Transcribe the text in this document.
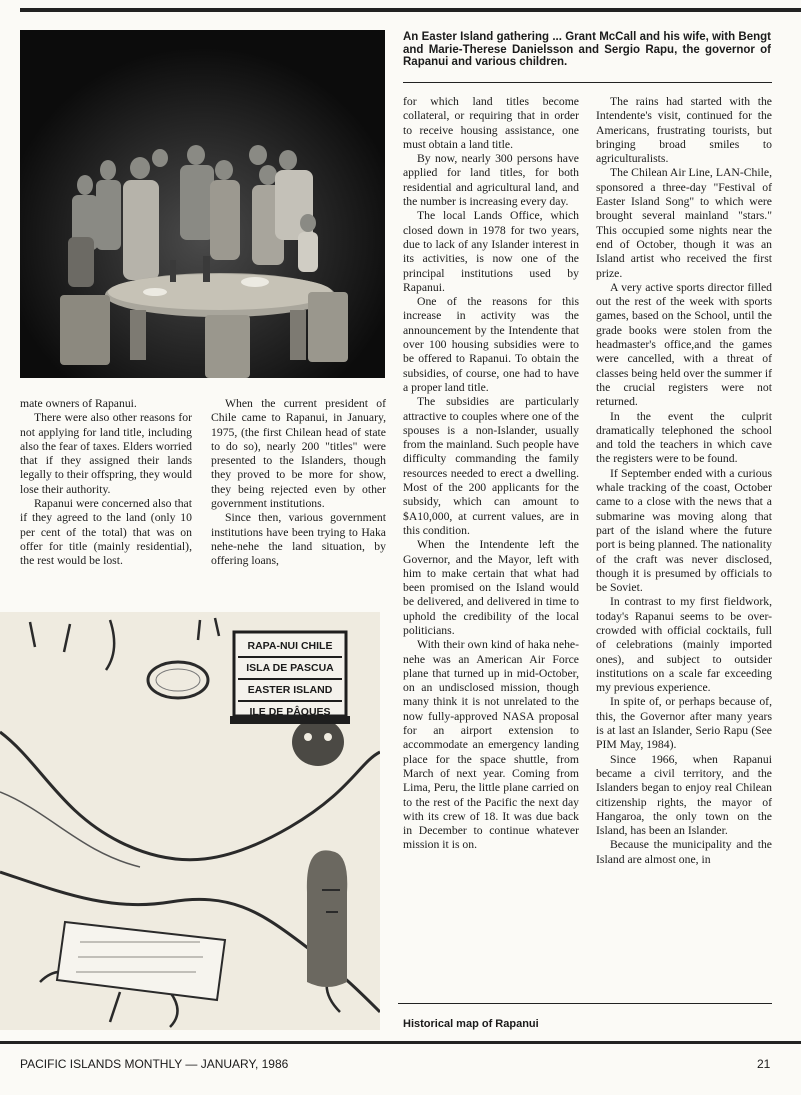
RAPA-NUI CHILE
ISLA DE PASCUA
EASTER ISLAND
ILE DE PÂQUES
An Easter Island gathering ... Grant McCall and his wife, with Bengt and Marie-Therese Danielsson and Sergio Rapu, the governor of Rapanui and various children.

mate owners of Rapanui.

There were also other reasons for not applying for land title, including also the fear of taxes. Elders worried that if they assigned their lands legally to their offspring, they would lose their authority.

Rapanui were concerned also that if they agreed to the land (only 10 per cent of the total) that was on offer for title (mainly residential), the rest would be lost.

When the current president of Chile came to Rapanui, in January, 1975, (the first Chilean head of state to do so), nearly 200 "titles" were presented to the Islanders, though they proved to be more for show, they being rejected even by other government institutions.

Since then, various government institutions have been trying to Haka nehe-nehe the land situation, by offering loans,

for which land titles become collateral, or requiring that in order to receive housing assistance, one must obtain a land title.

By now, nearly 300 persons have applied for land titles, for both residential and agricultural land, and the number is increasing every day.

The local Lands Office, which closed down in 1978 for two years, due to lack of any Islander interest in its activities, is now one of the principal institutions used by Rapanui.

One of the reasons for this increase in activity was the announcement by the Intendente that over 100 housing subsidies were to be offered to Rapanui. To obtain the subsidies, of course, one had to have a proper land title.

The subsidies are particularly attractive to couples where one of the spouses is a non-Islander, usually from the mainland. Such people have difficulty commanding the family resources needed to erect a dwelling. Most of the 200 applicants for the subsidy, which can amount to $A10,000, at current values, are in this condition.

When the Intendente left the Governor, and the Mayor, left with him to make certain that what had been promised on the Island would be delivered, and delivered in time to uphold the credibility of the local politicians.

With their own kind of haka nehe-nehe was an American Air Force plane that turned up in mid-October, on an undisclosed mission, though many think it is not unrelated to the now fully-approved NASA proposal for an airport extension to accommodate an emergency landing place for the space shuttle, from March of next year. Coming from Lima, Peru, the little plane carried on to the rest of the Pacific the next day with its crew of 18. It was due back in December to continue whatever mission it is on.

The rains had started with the Intendente's visit, continued for the Americans, frustrating tourists, but bringing broad smiles to agriculturalists.

The Chilean Air Line, LAN-Chile, sponsored a three-day "Festival of Easter Island Song" to which were brought several mainland "stars." This occupied some nights near the end of October, though it was an Island artist who received the first prize.

A very active sports director filled out the rest of the week with sports games, based on the School, until the grade books were stolen from the headmaster's office,and the games were cancelled, with a threat of classes being held over the summer if the crucial registers were not returned.

In the event the culprit dramatically telephoned the school and told the teachers in which cave the registers were to be found.

If September ended with a curious whale tracking of the coast, October came to a close with the news that a submarine was moving along that part of the island where the future port is being planned. The nationality of the craft was never disclosed, though it is presumed by officials to be Soviet.

In contrast to my first fieldwork, today's Rapanui seems to be over-crowded with official cocktails, full of celebrations (mainly imported ones), and subject to outsider institutions on a scale far exceeding my previous experience.

In spite of, or perhaps because of, this, the Governor after many years is at last an Islander, Serio Rapu (See PIM May, 1984).

Since 1966, when Rapanui became a civil territory, and the Islanders began to enjoy real Chilean citizenship rights, the mayor of Hangaroa, the only town on the Island, has been an Islander.

Because the municipality and the Island are almost one, in

Historical map of Rapanui
PACIFIC ISLANDS MONTHLY — JANUARY, 1986	21
